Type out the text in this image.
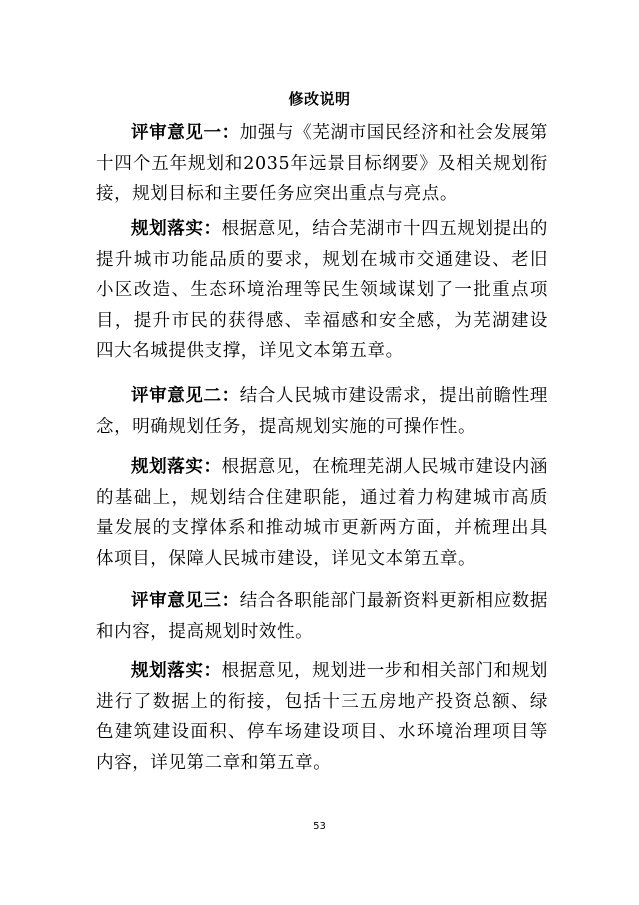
修改说明
评审意见一：加强与《芜湖市国民经济和社会发展第十四个五年规划和2035年远景目标纲要》及相关规划衔接，规划目标和主要任务应突出重点与亮点。
规划落实：根据意见，结合芜湖市十四五规划提出的提升城市功能品质的要求，规划在城市交通建设、老旧小区改造、生态环境治理等民生领域谋划了一批重点项目，提升市民的获得感、幸福感和安全感，为芜湖建设四大名城提供支撑，详见文本第五章。
评审意见二：结合人民城市建设需求，提出前瞻性理念，明确规划任务，提高规划实施的可操作性。
规划落实：根据意见，在梳理芜湖人民城市建设内涵的基础上，规划结合住建职能，通过着力构建城市高质量发展的支撑体系和推动城市更新两方面，并梳理出具体项目，保障人民城市建设，详见文本第五章。
评审意见三：结合各职能部门最新资料更新相应数据和内容，提高规划时效性。
规划落实：根据意见，规划进一步和相关部门和规划进行了数据上的衔接，包括十三五房地产投资总额、绿色建筑建设面积、停车场建设项目、水环境治理项目等内容，详见第二章和第五章。
53
